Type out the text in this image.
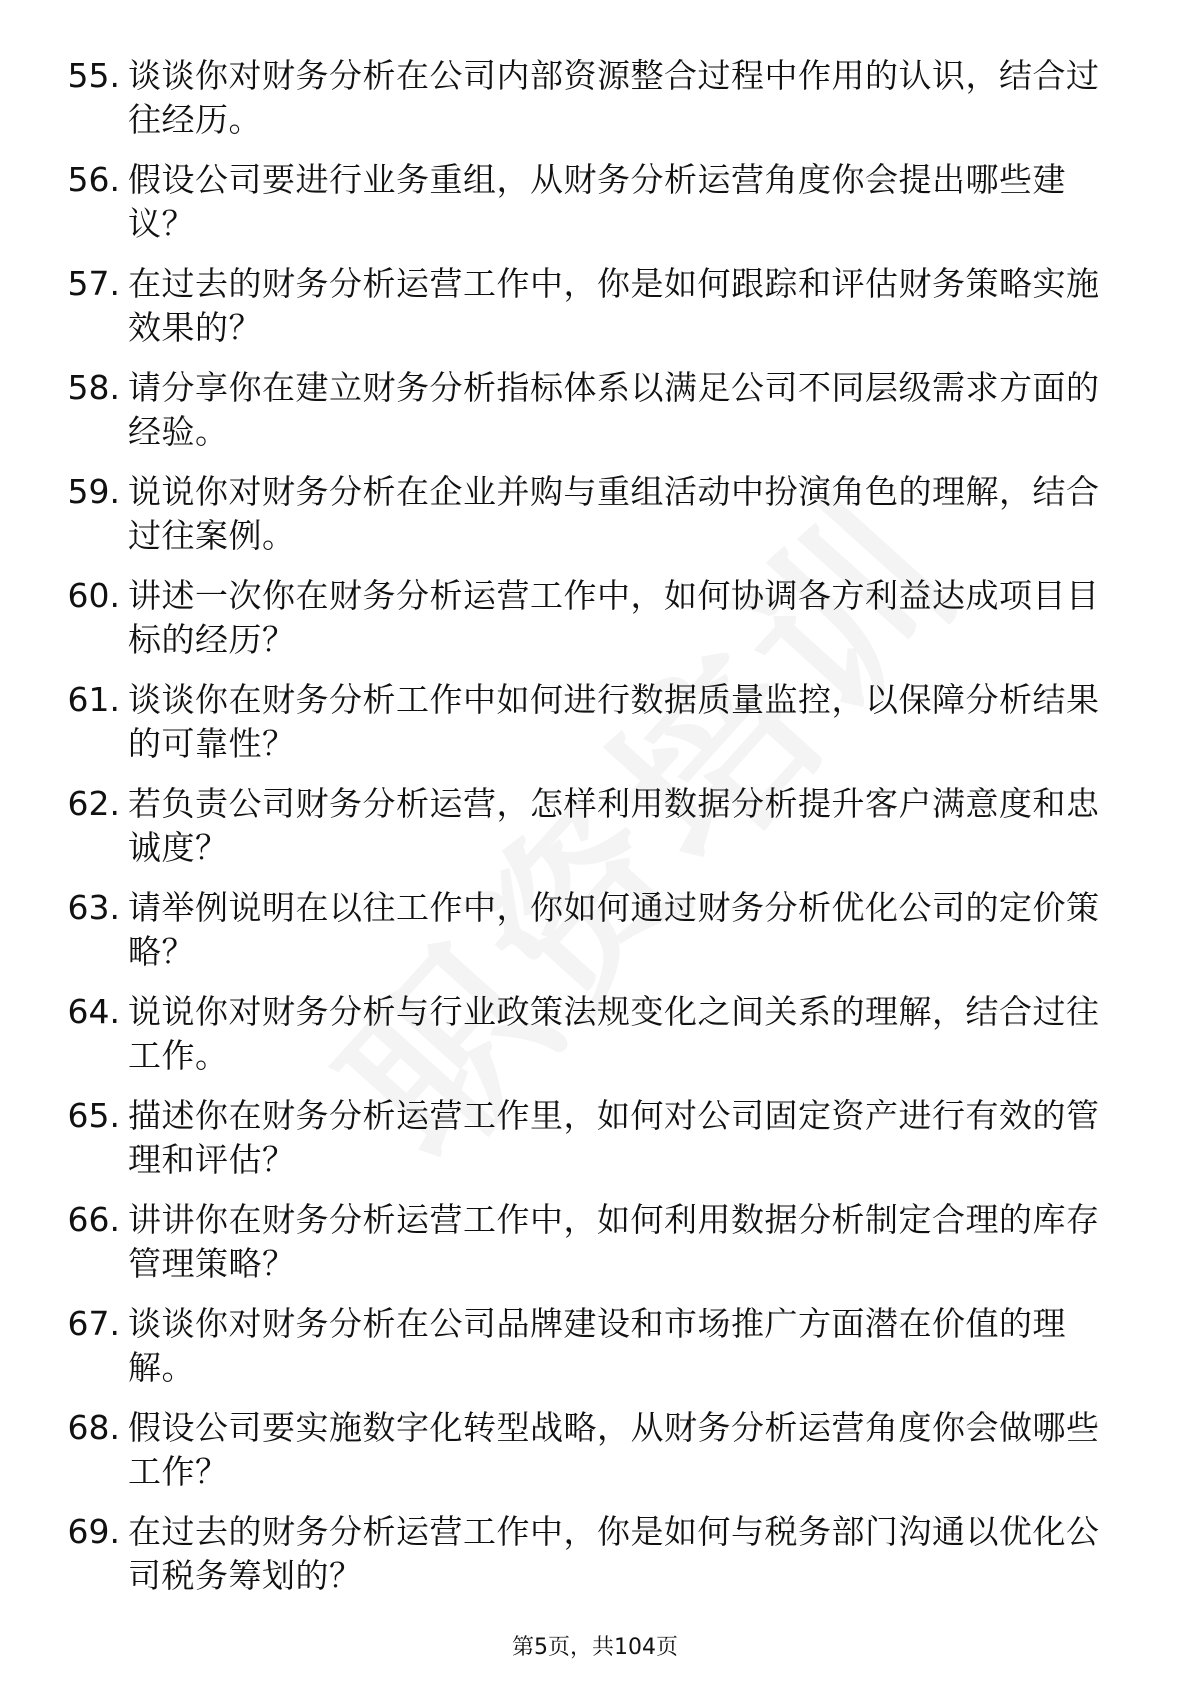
55. 谈谈你对财务分析在公司内部资源整合过程中作用的认识，结合过往经历。
56. 假设公司要进行业务重组，从财务分析运营角度你会提出哪些建议？
57. 在过去的财务分析运营工作中，你是如何跟踪和评估财务策略实施效果的？
58. 请分享你在建立财务分析指标体系以满足公司不同层级需求方面的经验。
59. 说说你对财务分析在企业并购与重组活动中扮演角色的理解，结合过往案例。
60. 讲述一次你在财务分析运营工作中，如何协调各方利益达成项目目标的经历？
61. 谈谈你在财务分析工作中如何进行数据质量监控，以保障分析结果的可靠性？
62. 若负责公司财务分析运营，怎样利用数据分析提升客户满意度和忠诚度？
63. 请举例说明在以往工作中，你如何通过财务分析优化公司的定价策略？
64. 说说你对财务分析与行业政策法规变化之间关系的理解，结合过往工作。
65. 描述你在财务分析运营工作里，如何对公司固定资产进行有效的管理和评估？
66. 讲讲你在财务分析运营工作中，如何利用数据分析制定合理的库存管理策略？
67. 谈谈你对财务分析在公司品牌建设和市场推广方面潜在价值的理解。
68. 假设公司要实施数字化转型战略，从财务分析运营角度你会做哪些工作？
69. 在过去的财务分析运营工作中，你是如何与税务部门沟通以优化公司税务筹划的？
第5页，共104页
